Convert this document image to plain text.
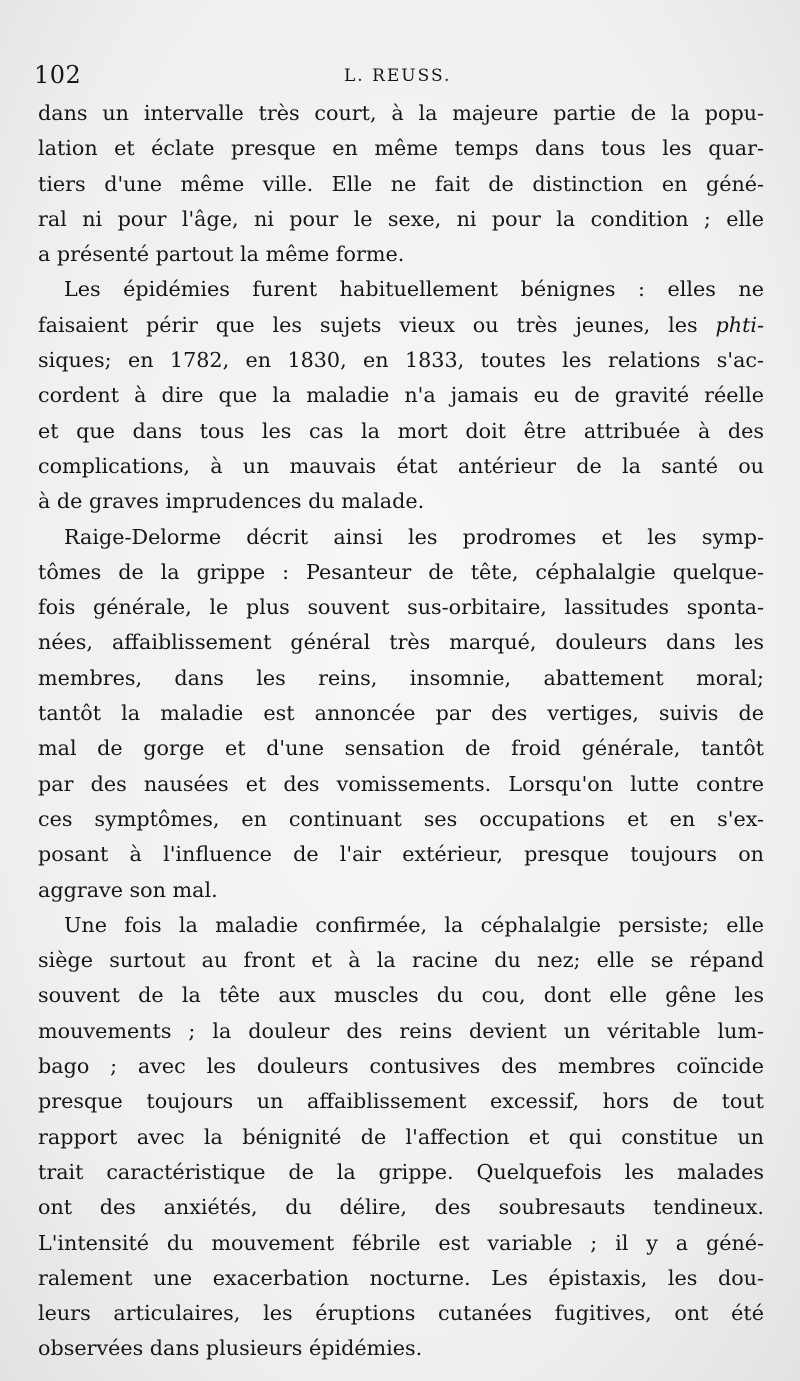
102	L. REUSS.
dans un intervalle très court, à la majeure partie de la popu-
lation et éclate presque en même temps dans tous les quar-
tiers d'une même ville. Elle ne fait de distinction en géné-
ral ni pour l'âge, ni pour le sexe, ni pour la condition ; elle
a présenté partout la même forme.
Les épidémies furent habituellement bénignes : elles ne
faisaient périr que les sujets vieux ou très jeunes, les phti-
siques; en 1782, en 1830, en 1833, toutes les relations s'ac-
cordent à dire que la maladie n'a jamais eu de gravité réelle
et que dans tous les cas la mort doit être attribuée à des
complications, à un mauvais état antérieur de la santé ou
à de graves imprudences du malade.
Raige-Delorme décrit ainsi les prodromes et les symp-
tômes de la grippe : Pesanteur de tête, céphalalgie quelque-
fois générale, le plus souvent sus-orbitaire, lassitudes sponta-
nées, affaiblissement général très marqué, douleurs dans les
membres, dans les reins, insomnie, abattement moral;
tantôt la maladie est annoncée par des vertiges, suivis de
mal de gorge et d'une sensation de froid générale, tantôt
par des nausées et des vomissements. Lorsqu'on lutte contre
ces symptômes, en continuant ses occupations et en s'ex-
posant à l'influence de l'air extérieur, presque toujours on
aggrave son mal.
Une fois la maladie confirmée, la céphalalgie persiste; elle
siège surtout au front et à la racine du nez; elle se répand
souvent de la tête aux muscles du cou, dont elle gêne les
mouvements ; la douleur des reins devient un véritable lum-
bago ; avec les douleurs contusives des membres coïncide
presque toujours un affaiblissement excessif, hors de tout
rapport avec la bénignité de l'affection et qui constitue un
trait caractéristique de la grippe. Quelquefois les malades
ont des anxiétés, du délire, des soubresauts tendineux.
L'intensité du mouvement fébrile est variable ; il y a géné-
ralement une exacerbation nocturne. Les épistaxis, les dou-
leurs articulaires, les éruptions cutanées fugitives, ont été
observées dans plusieurs épidémies.
